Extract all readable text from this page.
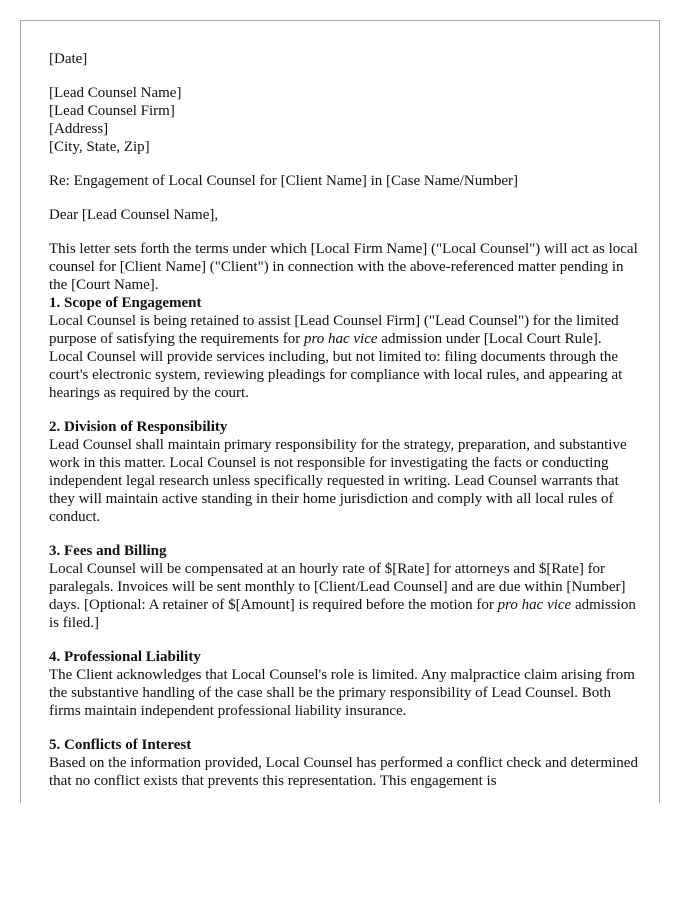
[Date]
[Lead Counsel Name]
[Lead Counsel Firm]
[Address]
[City, State, Zip]
Re: Engagement of Local Counsel for [Client Name] in [Case Name/Number]
Dear [Lead Counsel Name],

This letter sets forth the terms under which [Local Firm Name] ("Local Counsel") will act as local counsel for [Client Name] ("Client") in connection with the above-referenced matter pending in the [Court Name].

1. Scope of Engagement

Local Counsel is being retained to assist [Lead Counsel Firm] ("Lead Counsel") for the limited purpose of satisfying the requirements for pro hac vice admission under [Local Court Rule]. Local Counsel will provide services including, but not limited to: filing documents through the court's electronic system, reviewing pleadings for compliance with local rules, and appearing at hearings as required by the court.

2. Division of Responsibility

Lead Counsel shall maintain primary responsibility for the strategy, preparation, and substantive work in this matter. Local Counsel is not responsible for investigating the facts or conducting independent legal research unless specifically requested in writing. Lead Counsel warrants that they will maintain active standing in their home jurisdiction and comply with all local rules of conduct.

3. Fees and Billing

Local Counsel will be compensated at an hourly rate of $[Rate] for attorneys and $[Rate] for paralegals. Invoices will be sent monthly to [Client/Lead Counsel] and are due within [Number] days. [Optional: A retainer of $[Amount] is required before the motion for pro hac vice admission is filed.]

4. Professional Liability

The Client acknowledges that Local Counsel's role is limited. Any malpractice claim arising from the substantive handling of the case shall be the primary responsibility of Lead Counsel. Both firms maintain independent professional liability insurance.

5. Conflicts of Interest

Based on the information provided, Local Counsel has performed a conflict check and determined that no conflict exists that prevents this representation. This engagement is
